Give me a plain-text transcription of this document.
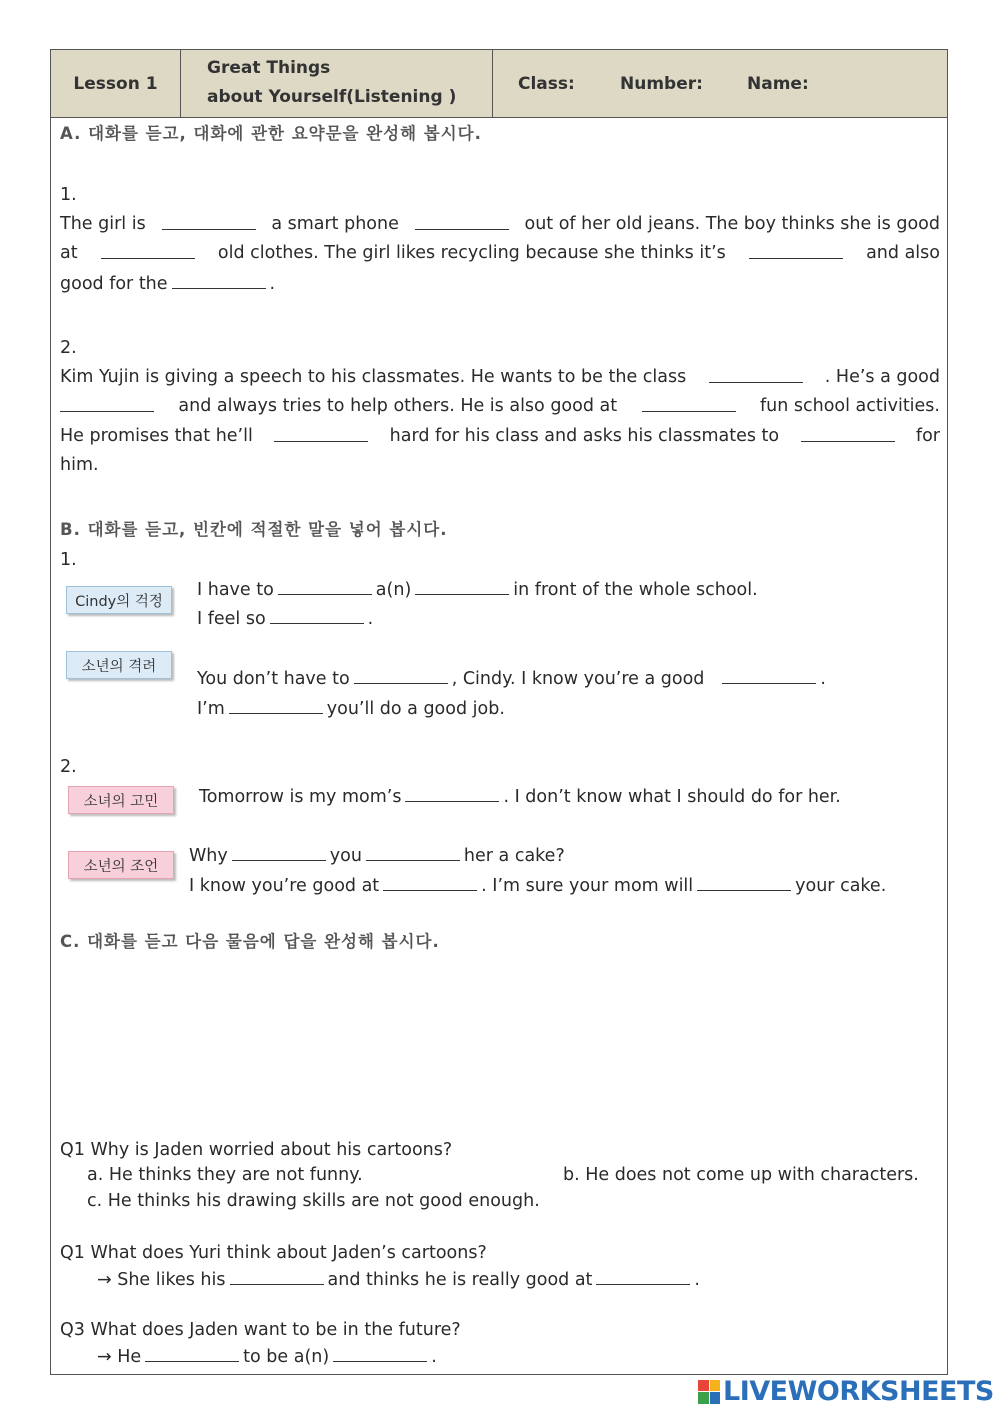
Lesson 1
Great Things
about Yourself(Listening )
Class:	Number:	Name:
A. 대화를 듣고, 대화에 관한 요약문을 완성해 봅시다.
1.
The girl is	a smart phone	out of her old jeans. The boy thinks she is good
at	old clothes. The girl likes recycling because she thinks it’s	and also
good for the	.
2.
Kim Yujin is giving a speech to his classmates. He wants to be the class	. He’s a good
and always tries to help others. He is also good at	fun school activities.
He promises that he’ll	hard for his class and asks his classmates to	for
him.
B. 대화를 듣고, 빈칸에 적절한 말을 넣어 봅시다.
1.
Cindy의 걱정
I have to	a(n)	in front of the whole school.
I feel so	.
소년의 격려
You don’t have to	, Cindy. I know you’re a good	.
I’m	you’ll do a good job.
2.
소녀의 고민	Tomorrow is my mom’s	. I don’t know what I should do for her.
소년의 조언
Why	you	her a cake?
I know you’re good at	. I’m sure your mom will	your cake.
C. 대화를 듣고 다음 물음에 답을 완성해 봅시다.
Q1 Why is Jaden worried about his cartoons?
a. He thinks they are not funny.	b. He does not come up with characters.
c. He thinks his drawing skills are not good enough.
Q1 What does Yuri think about Jaden’s cartoons?
→ She likes his	and thinks he is really good at	.
Q3 What does Jaden want to be in the future?
→ He	to be a(n)	.
LIVEWORKSHEETS
